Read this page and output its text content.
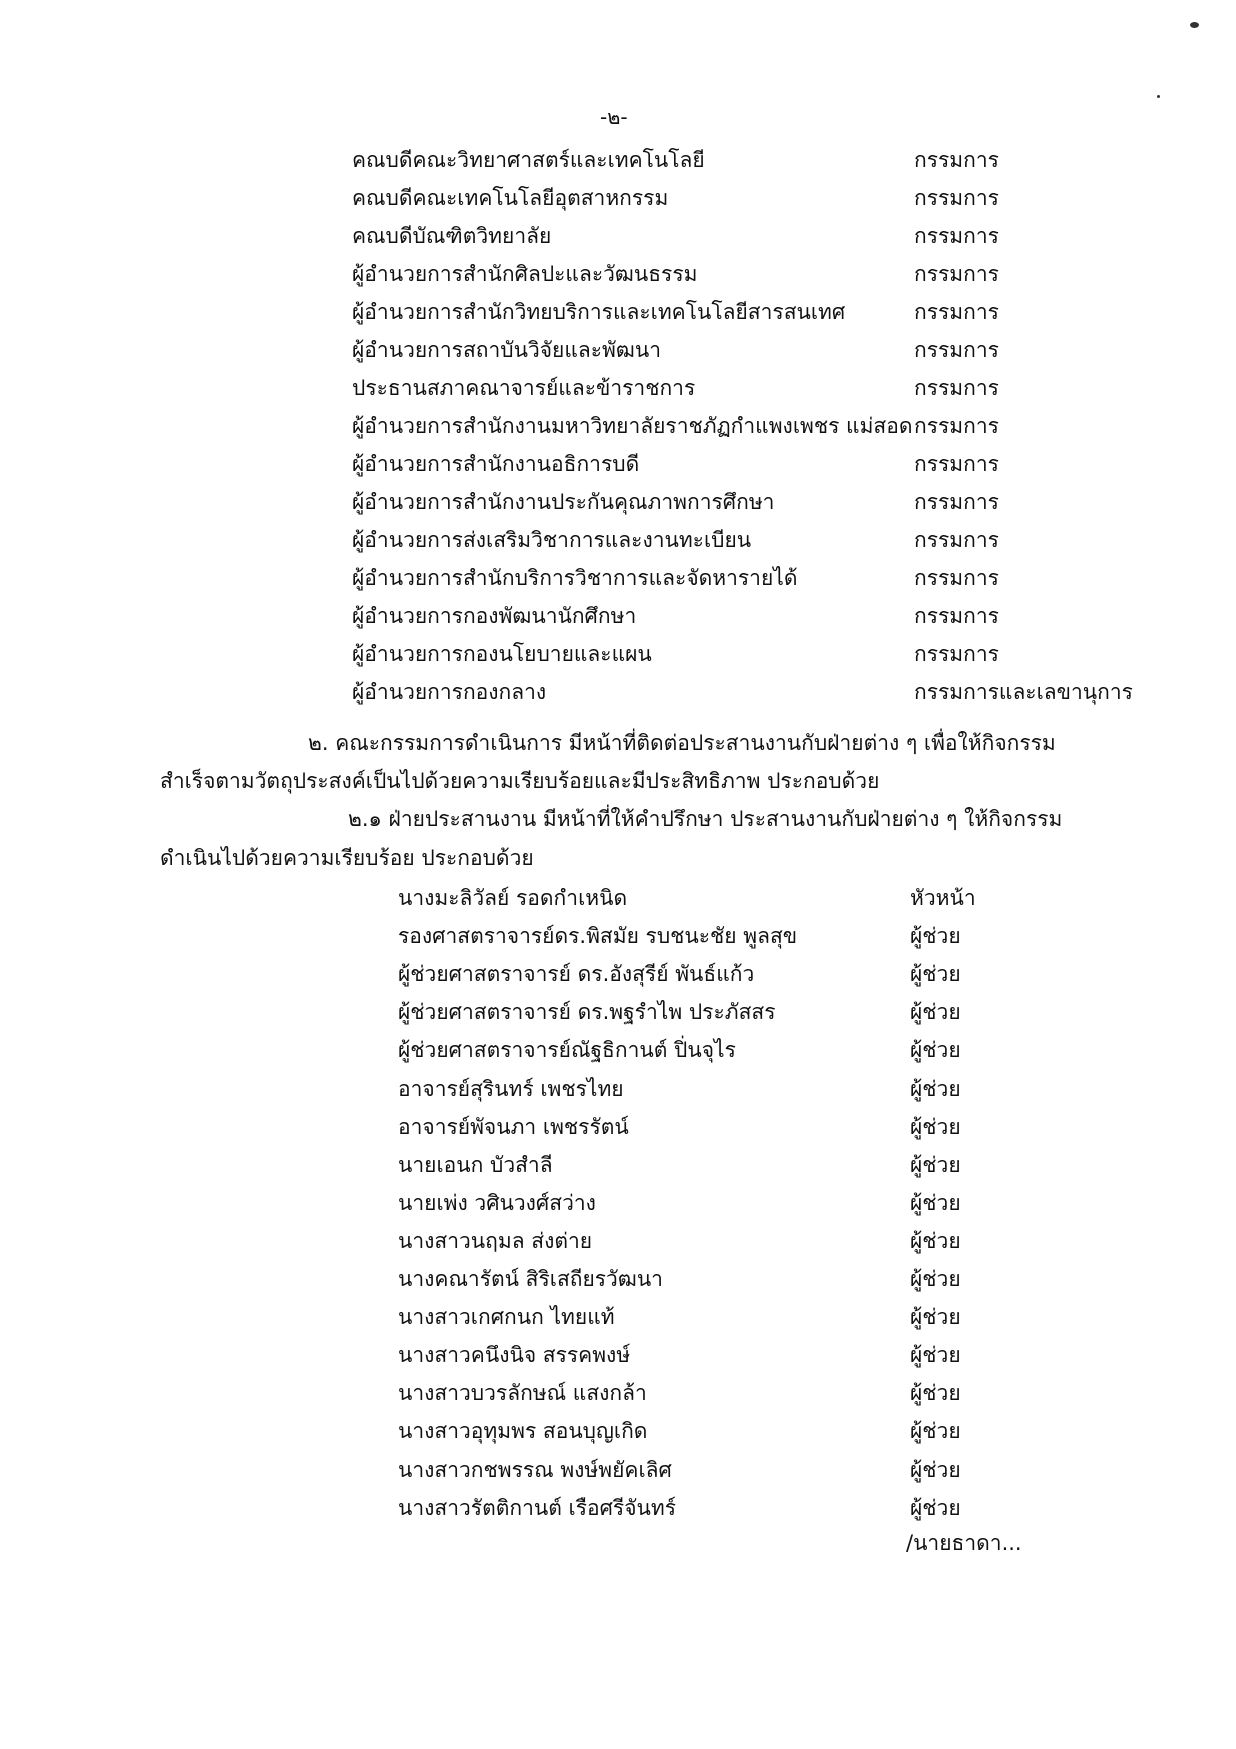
-๒-
คณบดีคณะวิทยาศาสตร์และเทคโนโลยี	กรรมการ
คณบดีคณะเทคโนโลยีอุตสาหกรรม	กรรมการ
คณบดีบัณฑิตวิทยาลัย	กรรมการ
ผู้อำนวยการสำนักศิลปะและวัฒนธรรม	กรรมการ
ผู้อำนวยการสำนักวิทยบริการและเทคโนโลยีสารสนเทศ	กรรมการ
ผู้อำนวยการสถาบันวิจัยและพัฒนา	กรรมการ
ประธานสภาคณาจารย์และข้าราชการ	กรรมการ
ผู้อำนวยการสำนักงานมหาวิทยาลัยราชภัฏกำแพงเพชร แม่สอด กรรมการ
ผู้อำนวยการสำนักงานอธิการบดี	กรรมการ
ผู้อำนวยการสำนักงานประกันคุณภาพการศึกษา	กรรมการ
ผู้อำนวยการส่งเสริมวิชาการและงานทะเบียน	กรรมการ
ผู้อำนวยการสำนักบริการวิชาการและจัดหารายได้	กรรมการ
ผู้อำนวยการกองพัฒนานักศึกษา	กรรมการ
ผู้อำนวยการกองนโยบายและแผน	กรรมการ
ผู้อำนวยการกองกลาง	กรรมการและเลขานุการ
๒. คณะกรรมการดำเนินการ มีหน้าที่ติดต่อประสานงานกับฝ่ายต่าง ๆ เพื่อให้กิจกรรม
สำเร็จตามวัตถุประสงค์เป็นไปด้วยความเรียบร้อยและมีประสิทธิภาพ ประกอบด้วย
๒.๑ ฝ่ายประสานงาน มีหน้าที่ให้คำปรึกษา ประสานงานกับฝ่ายต่าง ๆ ให้กิจกรรม
ดำเนินไปด้วยความเรียบร้อย ประกอบด้วย
นางมะลิวัลย์ รอดกำเหนิด	หัวหน้า
รองศาสตราจารย์ดร.พิสมัย รบชนะชัย พูลสุข	ผู้ช่วย
ผู้ช่วยศาสตราจารย์ ดร.อังสุรีย์ พันธ์แก้ว	ผู้ช่วย
ผู้ช่วยศาสตราจารย์ ดร.พฐรำไพ ประภัสสร	ผู้ช่วย
ผู้ช่วยศาสตราจารย์ณัฐธิกานต์ ปิ่นจุไร	ผู้ช่วย
อาจารย์สุรินทร์ เพชรไทย	ผู้ช่วย
อาจารย์พัจนภา เพชรรัตน์	ผู้ช่วย
นายเอนก บัวสำลี	ผู้ช่วย
นายเพ่ง วศินวงศ์สว่าง	ผู้ช่วย
นางสาวนฤมล ส่งต่าย	ผู้ช่วย
นางคณารัตน์ สิริเสถียรวัฒนา	ผู้ช่วย
นางสาวเกศกนก ไทยแท้	ผู้ช่วย
นางสาวคนึงนิจ สรรคพงษ์	ผู้ช่วย
นางสาวบวรลักษณ์ แสงกล้า	ผู้ช่วย
นางสาวอุทุมพร สอนบุญเกิด	ผู้ช่วย
นางสาวกชพรรณ พงษ์พยัคเลิศ	ผู้ช่วย
นางสาวรัตติกานต์ เรือศรีจันทร์	ผู้ช่วย
/นายธาดา...
